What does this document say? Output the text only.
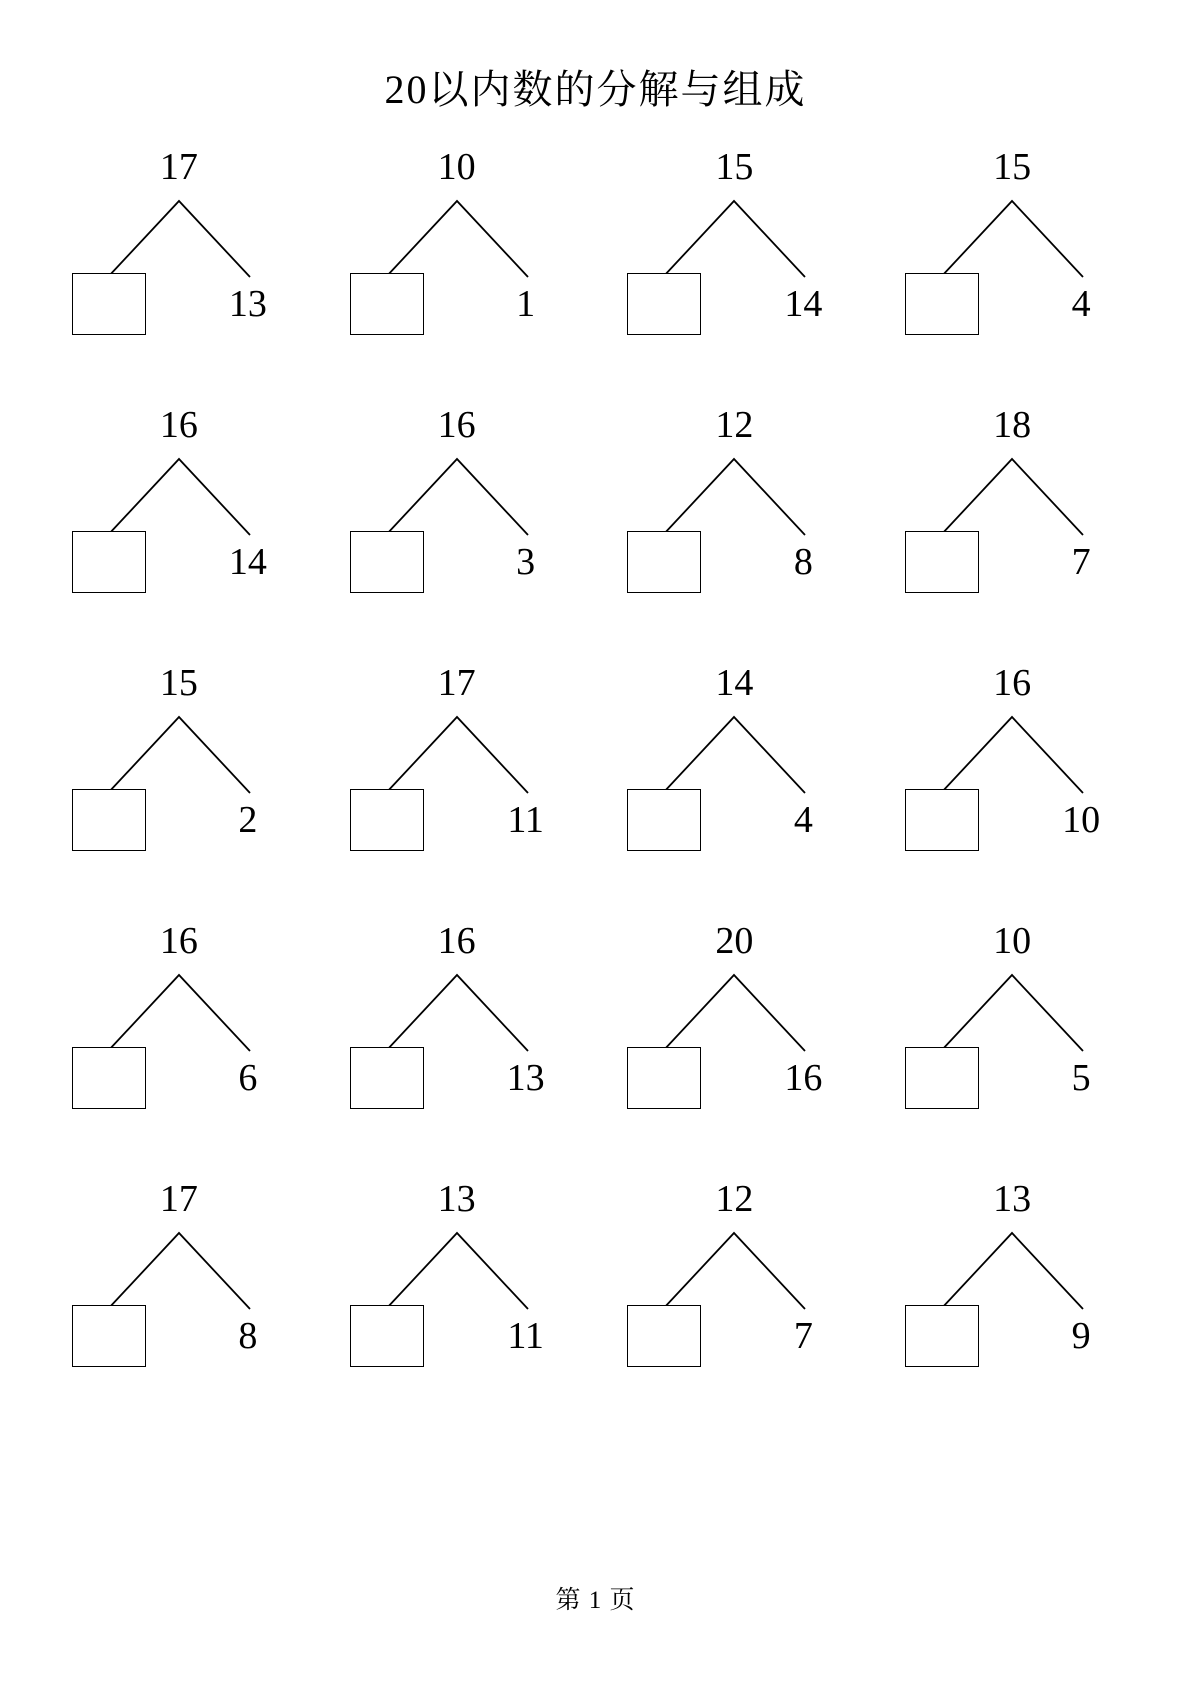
20以内数的分解与组成
17
13
10
1
15
14
15
4
16
14
16
3
12
8
18
7
15
2
17
11
14
4
16
10
16
6
16
13
20
16
10
5
17
8
13
11
12
7
13
9
第 1 页
